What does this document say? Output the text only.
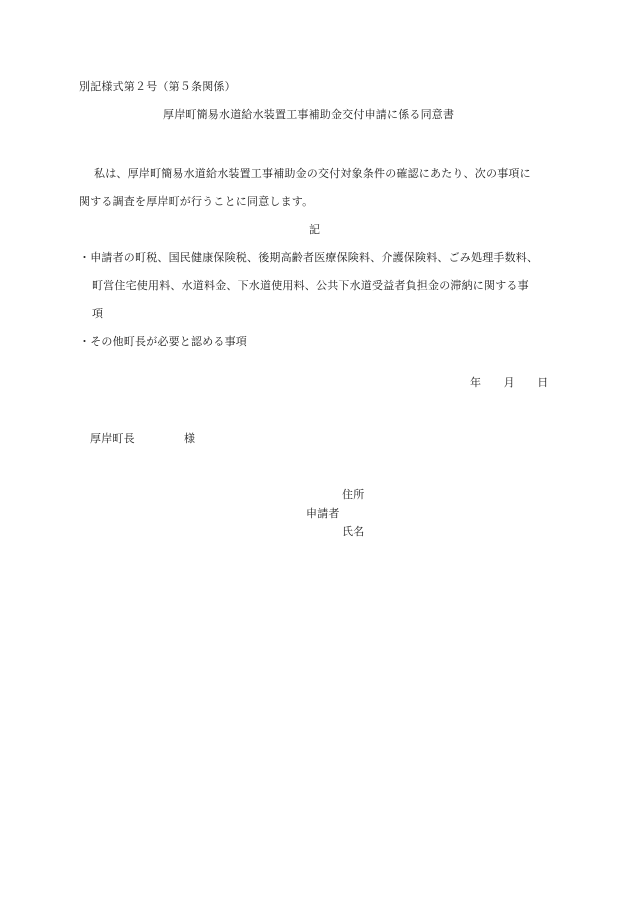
別記様式第２号（第５条関係）
厚岸町簡易水道給水装置工事補助金交付申請に係る同意書
私は、厚岸町簡易水道給水装置工事補助金の交付対象条件の確認にあたり、次の事項に
関する調査を厚岸町が行うことに同意します。
記
・申請者の町税、国民健康保険税、後期高齢者医療保険料、介護保険料、ごみ処理手数料、
町営住宅使用料、水道料金、下水道使用料、公共下水道受益者負担金の滞納に関する事
項
・その他町長が必要と認める事項
年　　月　　日
厚岸町長	様
住所
申請者
氏名
